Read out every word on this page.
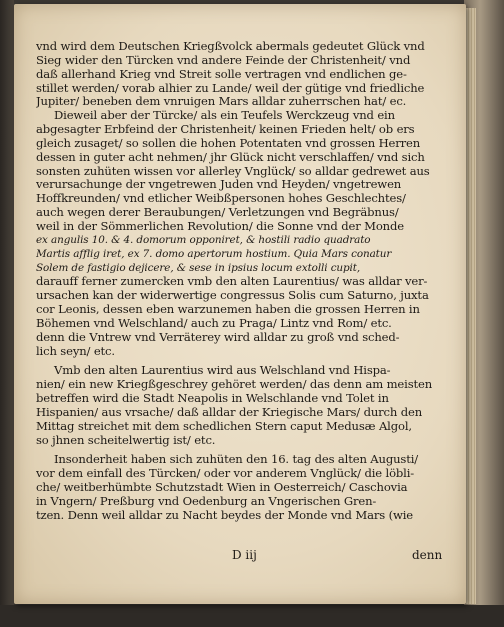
vnd wird dem Deutschen Kriegßvolck abermals gedeutet Glück vnd
Sieg wider den Türcken vnd andere Feinde der Christenheit/ vnd
daß allerhand Krieg vnd Streit solle vertragen vnd endlichen ge-
stillet werden/ vorab alhier zu Lande/ weil der gütige vnd friedliche
Jupiter/ beneben dem vnruigen Mars alldar zuherrschen hat/ ec.
Dieweil aber der Türcke/ als ein Teufels Werckzeug vnd ein
abgesagter Erbfeind der Christenheit/ keinen Frieden helt/ ob ers
gleich zusaget/ so sollen die hohen Potentaten vnd grossen Herren
dessen in guter acht nehmen/ jhr Glück nicht verschlaffen/ vnd sich
sonsten zuhüten wissen vor allerley Vnglück/ so alldar gedrewet aus
verursachunge der vngetrewen Juden vnd Heyden/ vngetrewen
Hoffkreunden/ vnd etlicher Weibßpersonen hohes Geschlechtes/
auch wegen derer Beraubungen/ Verletzungen vnd Begräbnus/
weil in der Sömmerlichen Revolution/ die Sonne vnd der Monde
ex angulis 10. & 4. domorum opponiret, & hostili radio quadrato
Martis afflig iret, ex 7. domo apertorum hostium. Quia Mars conatur
Solem de fastigio dejicere, & sese in ipsius locum extolli cupit,
darauff ferner zumercken vmb den alten Laurentius/ was alldar ver-
ursachen kan der widerwertige congressus Solis cum Saturno, juxta
cor Leonis, dessen eben warzunemen haben die grossen Herren in
Böhemen vnd Welschland/ auch zu Praga/ Lintz vnd Rom/ etc.
denn die Vntrew vnd Verräterey wird alldar zu groß vnd sched-
lich seyn/ etc.
Vmb den alten Laurentius wird aus Welschland vnd Hispa-
nien/ ein new Kriegßgeschrey gehöret werden/ das denn am meisten
betreffen wird die Stadt Neapolis in Welschlande vnd Tolet in
Hispanien/ aus vrsache/ daß alldar der Kriegische Mars/ durch den
Mittag streichet mit dem schedlichen Stern caput Medusæ Algol,
so jhnen scheitelwertig ist/ etc.
Insonderheit haben sich zuhüten den 16. tag des alten Augusti/
vor dem einfall des Türcken/ oder vor anderem Vnglück/ die löbli-
che/ weitberhümbte Schutzstadt Wien in Oesterreich/ Caschovia
in Vngern/ Preßburg vnd Oedenburg an Vngerischen Gren-
tzen. Denn weil alldar zu Nacht beydes der Monde vnd Mars (wie
D iij	denn
